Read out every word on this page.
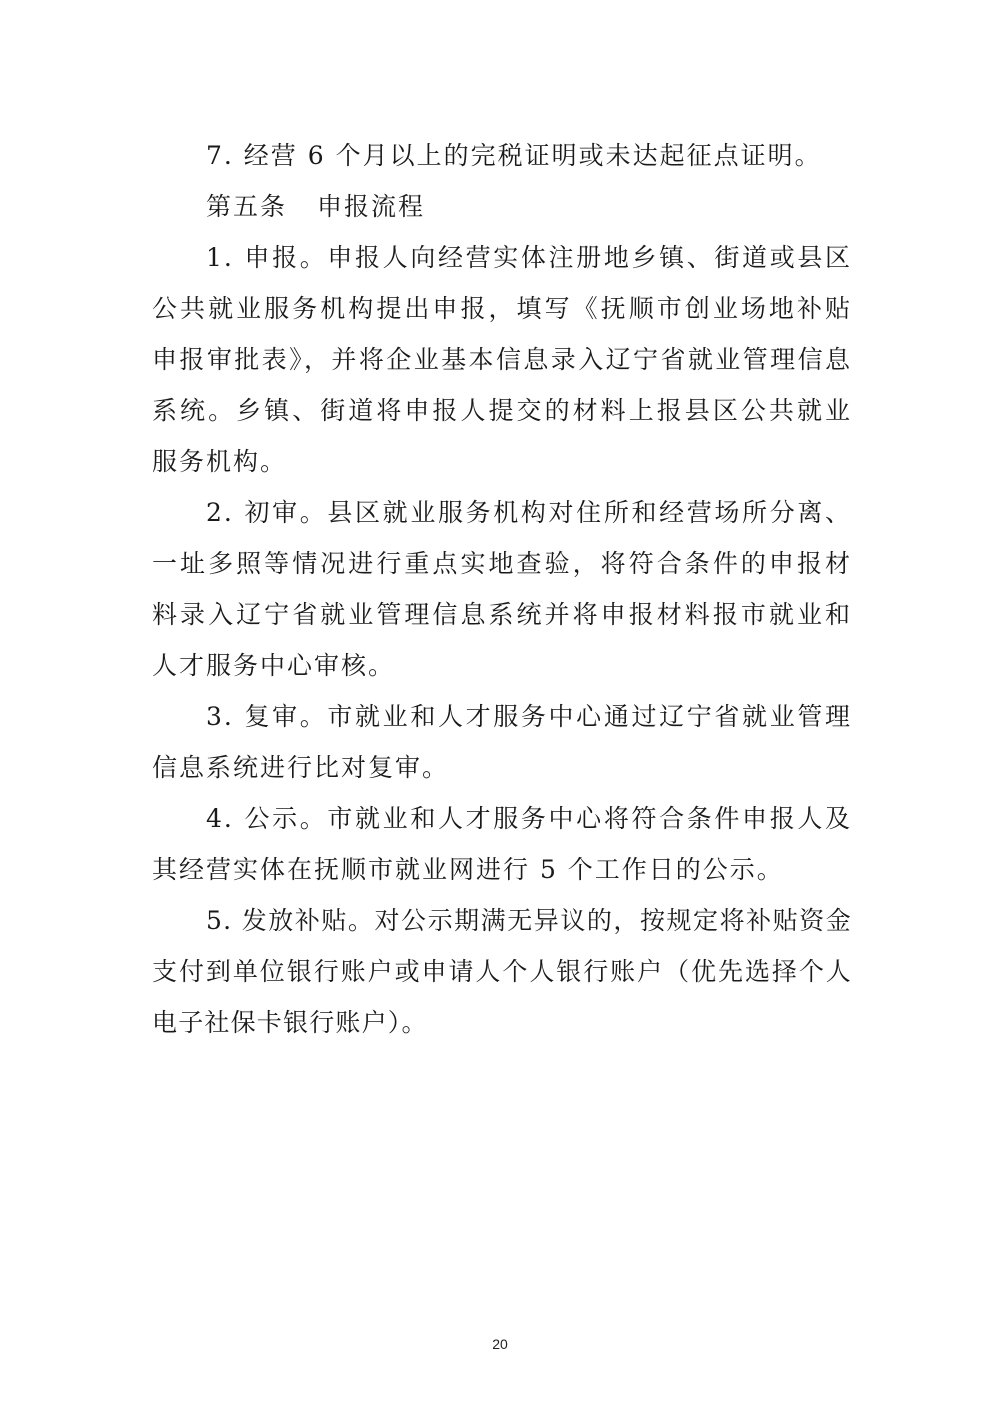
7. 经营 6 个月以上的完税证明或未达起征点证明。

第五条 申报流程

1. 申报。申报人向经营实体注册地乡镇、街道或县区公共就业服务机构提出申报，填写《抚顺市创业场地补贴申报审批表》，并将企业基本信息录入辽宁省就业管理信息系统。乡镇、街道将申报人提交的材料上报县区公共就业服务机构。

2. 初审。县区就业服务机构对住所和经营场所分离、一址多照等情况进行重点实地查验，将符合条件的申报材料录入辽宁省就业管理信息系统并将申报材料报市就业和人才服务中心审核。

3. 复审。市就业和人才服务中心通过辽宁省就业管理信息系统进行比对复审。

4. 公示。市就业和人才服务中心将符合条件申报人及其经营实体在抚顺市就业网进行 5 个工作日的公示。

5. 发放补贴。对公示期满无异议的，按规定将补贴资金支付到单位银行账户或申请人个人银行账户（优先选择个人电子社保卡银行账户）。

20
